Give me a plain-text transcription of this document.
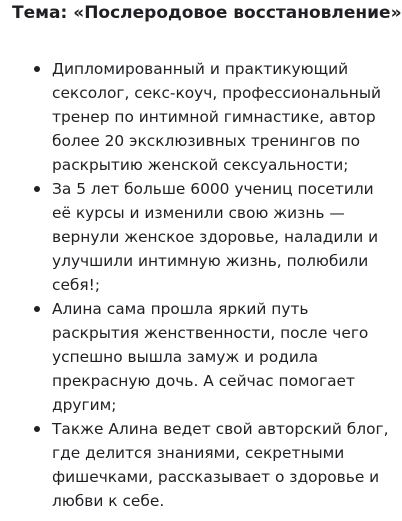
Тема: «Послеродовое восстановление»
Дипломированный и практикующий сексолог, секс-коуч, профессиональный тренер по интимной гимнастике, автор более 20 эксклюзивных тренингов по раскрытию женской сексуальности;
За 5 лет больше 6000 учениц посетили её курсы и изменили свою жизнь — вернули женское здоровье, наладили и улучшили интимную жизнь, полюбили себя!;
Алина сама прошла яркий путь раскрытия женственности, после чего успешно вышла замуж и родила прекрасную дочь. А сейчас помогает другим;
Также Алина ведет свой авторский блог, где делится знаниями, секретными фишечками, рассказывает о здоровье и любви к себе.
